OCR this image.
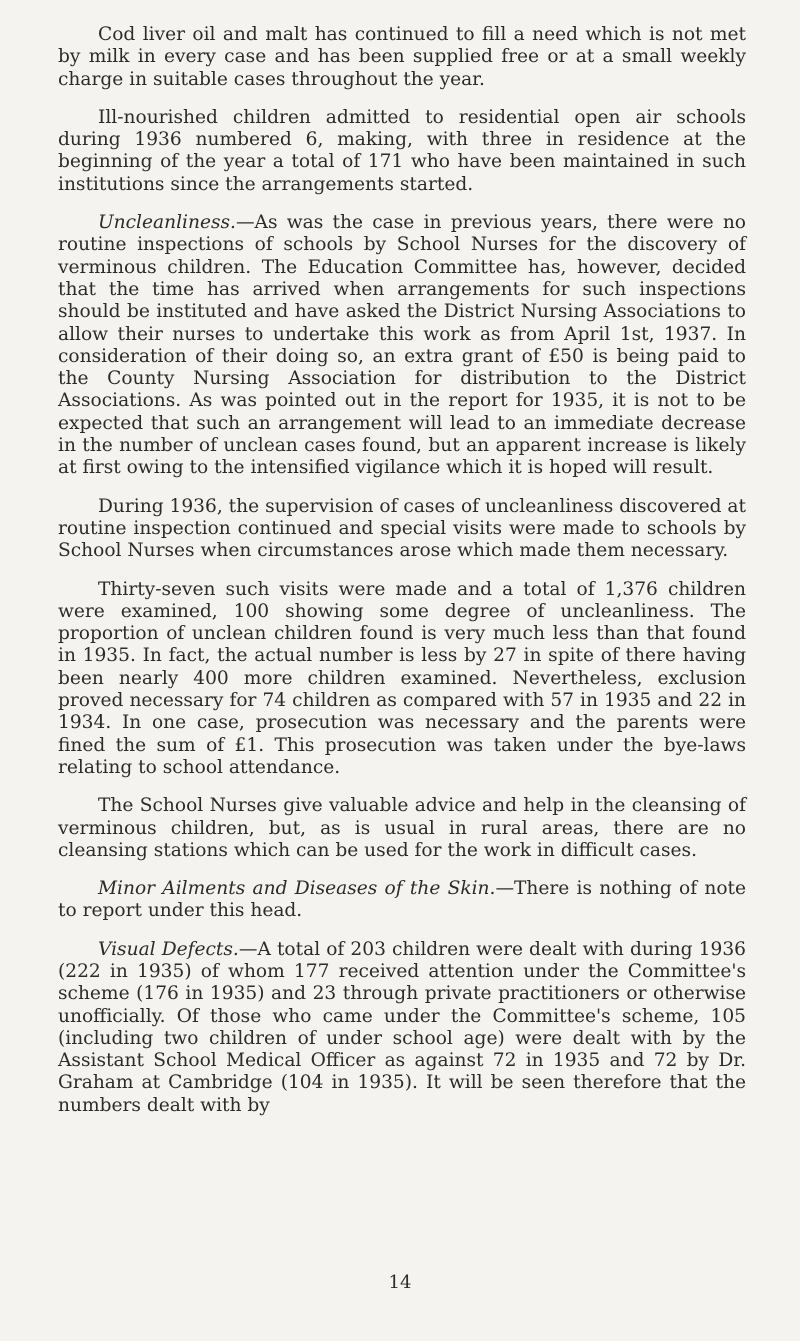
Cod liver oil and malt has continued to fill a need which is not met by milk in every case and has been supplied free or at a small weekly charge in suitable cases throughout the year.

Ill-nourished children admitted to residential open air schools during 1936 numbered 6, making, with three in residence at the beginning of the year a total of 171 who have been maintained in such institutions since the arrangements started.

Uncleanliness.—As was the case in previous years, there were no routine inspections of schools by School Nurses for the discovery of verminous children. The Education Committee has, however, decided that the time has arrived when arrangements for such inspections should be instituted and have asked the District Nursing Associations to allow their nurses to undertake this work as from April 1st, 1937. In consideration of their doing so, an extra grant of £50 is being paid to the County Nursing Association for distribution to the District Associations. As was pointed out in the report for 1935, it is not to be expected that such an arrangement will lead to an immediate decrease in the number of unclean cases found, but an apparent increase is likely at first owing to the intensified vigilance which it is hoped will result.

During 1936, the supervision of cases of uncleanliness discovered at routine inspection continued and special visits were made to schools by School Nurses when circumstances arose which made them necessary.

Thirty-seven such visits were made and a total of 1,376 children were examined, 100 showing some degree of uncleanliness. The proportion of unclean children found is very much less than that found in 1935. In fact, the actual number is less by 27 in spite of there having been nearly 400 more children examined. Nevertheless, exclusion proved necessary for 74 children as compared with 57 in 1935 and 22 in 1934. In one case, prosecution was necessary and the parents were fined the sum of £1. This prosecution was taken under the bye-laws relating to school attendance.

The School Nurses give valuable advice and help in the cleansing of verminous children, but, as is usual in rural areas, there are no cleansing stations which can be used for the work in difficult cases.

Minor Ailments and Diseases of the Skin.—There is nothing of note to report under this head.

Visual Defects.—A total of 203 children were dealt with during 1936 (222 in 1935) of whom 177 received attention under the Committee's scheme (176 in 1935) and 23 through private practitioners or otherwise unofficially. Of those who came under the Committee's scheme, 105 (including two children of under school age) were dealt with by the Assistant School Medical Officer as against 72 in 1935 and 72 by Dr. Graham at Cambridge (104 in 1935). It will be seen therefore that the numbers dealt with by

14
